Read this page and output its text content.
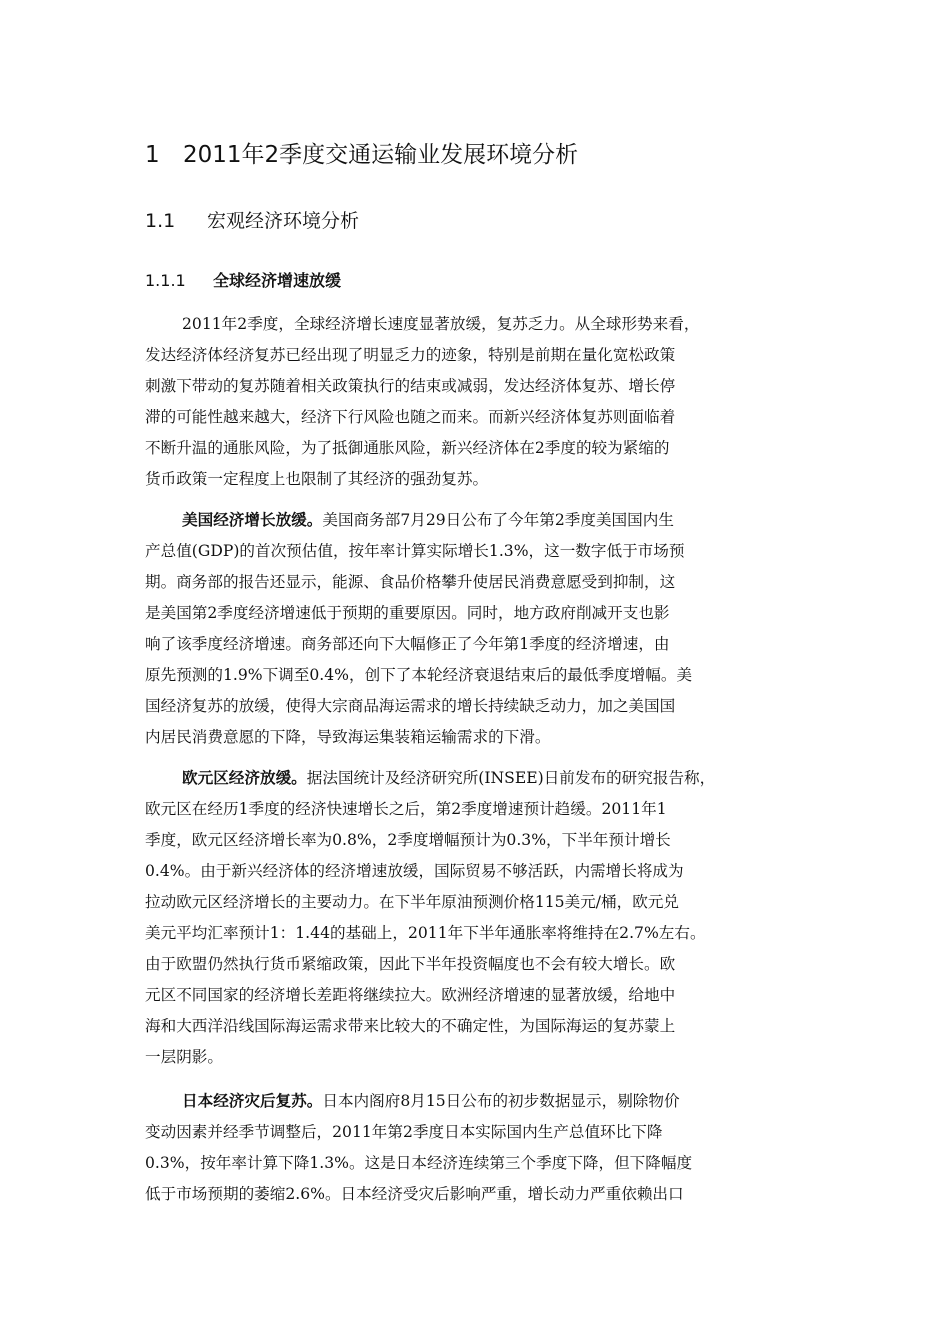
1 2011年2季度交通运输业发展环境分析
1.1 宏观经济环境分析
1.1.1 全球经济增速放缓
2011年2季度，全球经济增长速度显著放缓，复苏乏力。从全球形势来看，
发达经济体经济复苏已经出现了明显乏力的迹象，特别是前期在量化宽松政策
刺激下带动的复苏随着相关政策执行的结束或减弱，发达经济体复苏、增长停
滞的可能性越来越大，经济下行风险也随之而来。而新兴经济体复苏则面临着
不断升温的通胀风险，为了抵御通胀风险，新兴经济体在2季度的较为紧缩的
货币政策一定程度上也限制了其经济的强劲复苏。
美国经济增长放缓。美国商务部7月29日公布了今年第2季度美国国内生
产总值(GDP)的首次预估值，按年率计算实际增长1.3%，这一数字低于市场预
期。商务部的报告还显示，能源、食品价格攀升使居民消费意愿受到抑制，这
是美国第2季度经济增速低于预期的重要原因。同时，地方政府削减开支也影
响了该季度经济增速。商务部还向下大幅修正了今年第1季度的经济增速，由
原先预测的1.9%下调至0.4%，创下了本轮经济衰退结束后的最低季度增幅。美
国经济复苏的放缓，使得大宗商品海运需求的增长持续缺乏动力，加之美国国
内居民消费意愿的下降，导致海运集装箱运输需求的下滑。
欧元区经济放缓。据法国统计及经济研究所(INSEE)日前发布的研究报告称，
欧元区在经历1季度的经济快速增长之后，第2季度增速预计趋缓。2011年1
季度，欧元区经济增长率为0.8%，2季度增幅预计为0.3%，下半年预计增长
0.4%。由于新兴经济体的经济增速放缓，国际贸易不够活跃，内需增长将成为
拉动欧元区经济增长的主要动力。在下半年原油预测价格115美元/桶，欧元兑
美元平均汇率预计1：1.44的基础上，2011年下半年通胀率将维持在2.7%左右。
由于欧盟仍然执行货币紧缩政策，因此下半年投资幅度也不会有较大增长。欧
元区不同国家的经济增长差距将继续拉大。欧洲经济增速的显著放缓，给地中
海和大西洋沿线国际海运需求带来比较大的不确定性，为国际海运的复苏蒙上
一层阴影。
日本经济灾后复苏。日本内阁府8月15日公布的初步数据显示，剔除物价
变动因素并经季节调整后，2011年第2季度日本实际国内生产总值环比下降
0.3%，按年率计算下降1.3%。这是日本经济连续第三个季度下降，但下降幅度
低于市场预期的萎缩2.6%。日本经济受灾后影响严重，增长动力严重依赖出口
